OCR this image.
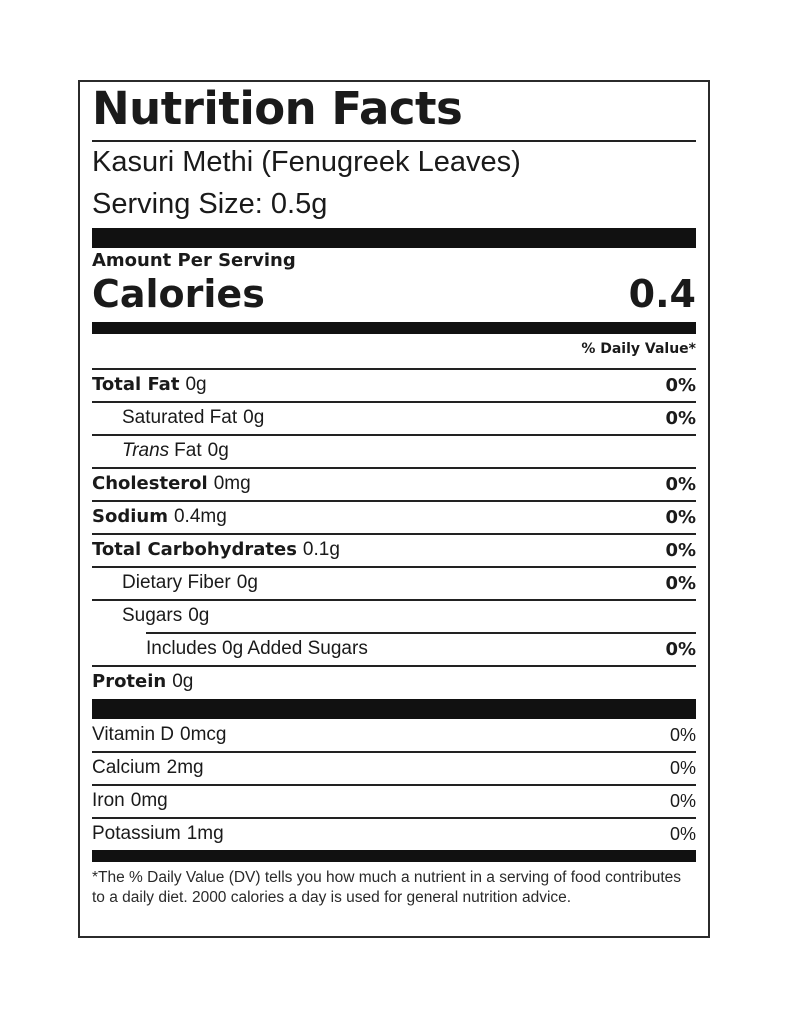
Nutrition Facts
Kasuri Methi (Fenugreek Leaves)
Serving Size: 0.5g
Amount Per Serving
Calories	0.4
% Daily Value*
Total Fat 0g	0%
Saturated Fat 0g	0%
Trans Fat 0g
Cholesterol 0mg	0%
Sodium 0.4mg	0%
Total Carbohydrates 0.1g	0%
Dietary Fiber 0g	0%
Sugars 0g
Includes 0g Added Sugars	0%
Protein 0g
Vitamin D 0mcg	0%
Calcium 2mg	0%
Iron 0mg	0%
Potassium 1mg	0%
*The % Daily Value (DV) tells you how much a nutrient in a serving of food contributes to a daily diet. 2000 calories a day is used for general nutrition advice.
